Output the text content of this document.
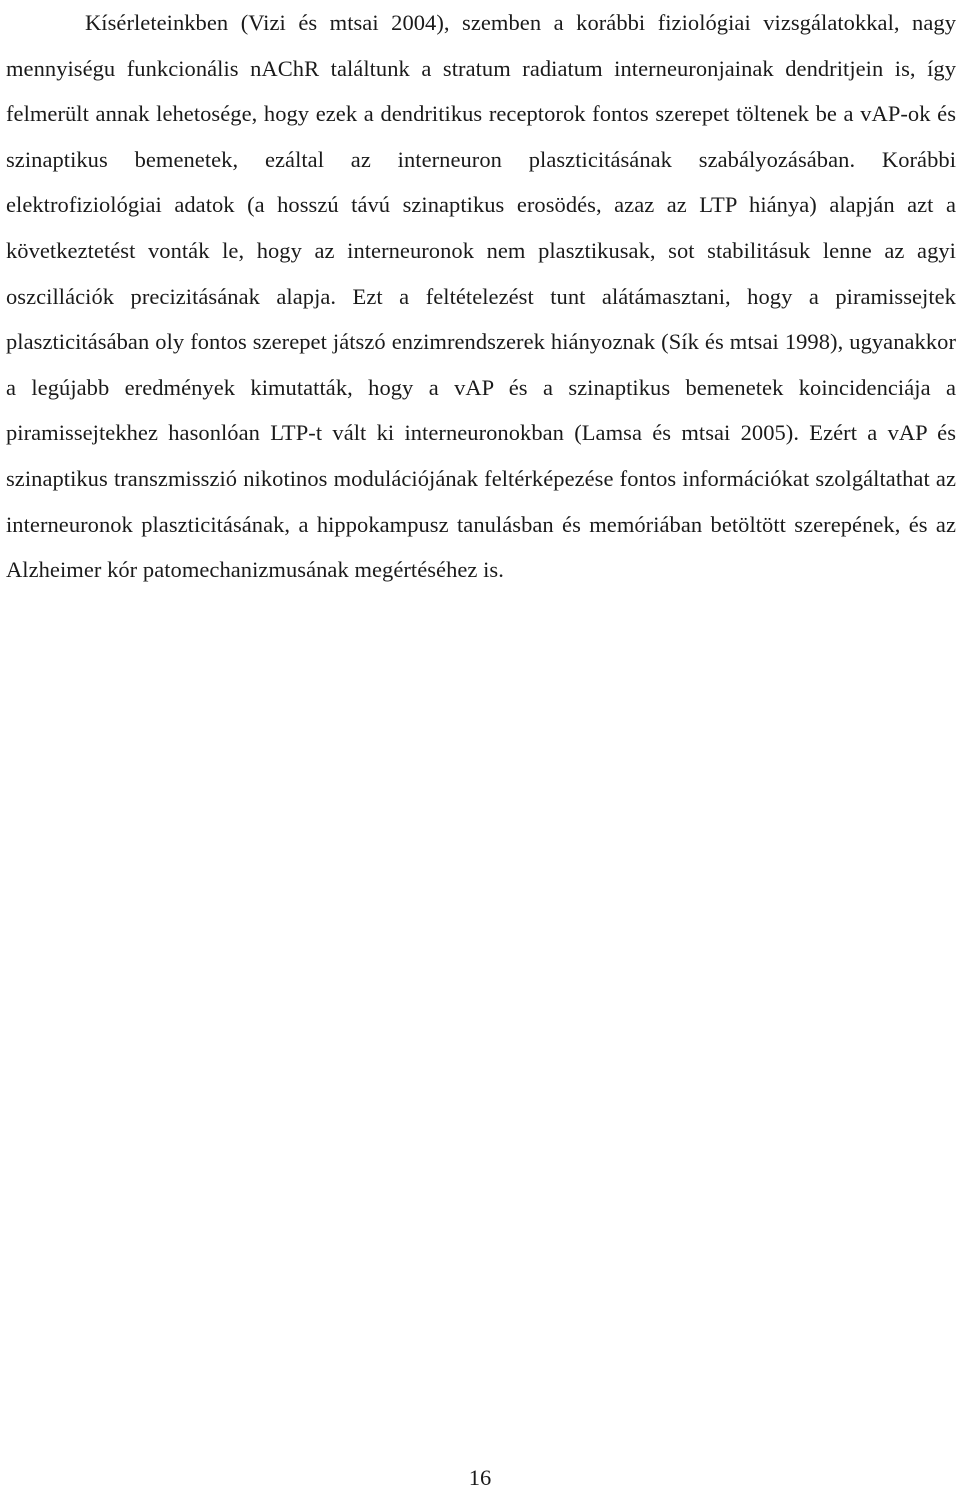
Kísérleteinkben (Vizi és mtsai 2004), szemben a korábbi fiziológiai vizsgálatokkal, nagy mennyiségu funkcionális nAChR találtunk a stratum radiatum interneuronjainak dendritjein is, így felmerült annak lehetosége, hogy ezek a dendritikus receptorok fontos szerepet töltenek be a vAP-ok és szinaptikus bemenetek, ezáltal az interneuron plaszticitásának szabályozásában. Korábbi elektrofiziológiai adatok (a hosszú távú szinaptikus erosödés, azaz az LTP hiánya) alapján azt a következtetést vonták le, hogy az interneuronok nem plasztikusak, sot stabilitásuk lenne az agyi oszcillációk precizitásának alapja. Ezt a feltételezést tunt alátámasztani, hogy a piramissejtek plaszticitásában oly fontos szerepet játszó enzimrendszerek hiányoznak (Sík és mtsai 1998), ugyanakkor a legújabb eredmények kimutatták, hogy a vAP és a szinaptikus bemenetek koincidenciája a piramissejtekhez hasonlóan LTP-t vált ki interneuronokban (Lamsa és mtsai 2005). Ezért a vAP és szinaptikus transzmisszió nikotinos modulációjának feltérképezése fontos információkat szolgáltathat az interneuronok plaszticitásának, a hippokampusz tanulásban és memóriában betöltött szerepének, és az Alzheimer kór patomechanizmusának megértéséhez is.

16
